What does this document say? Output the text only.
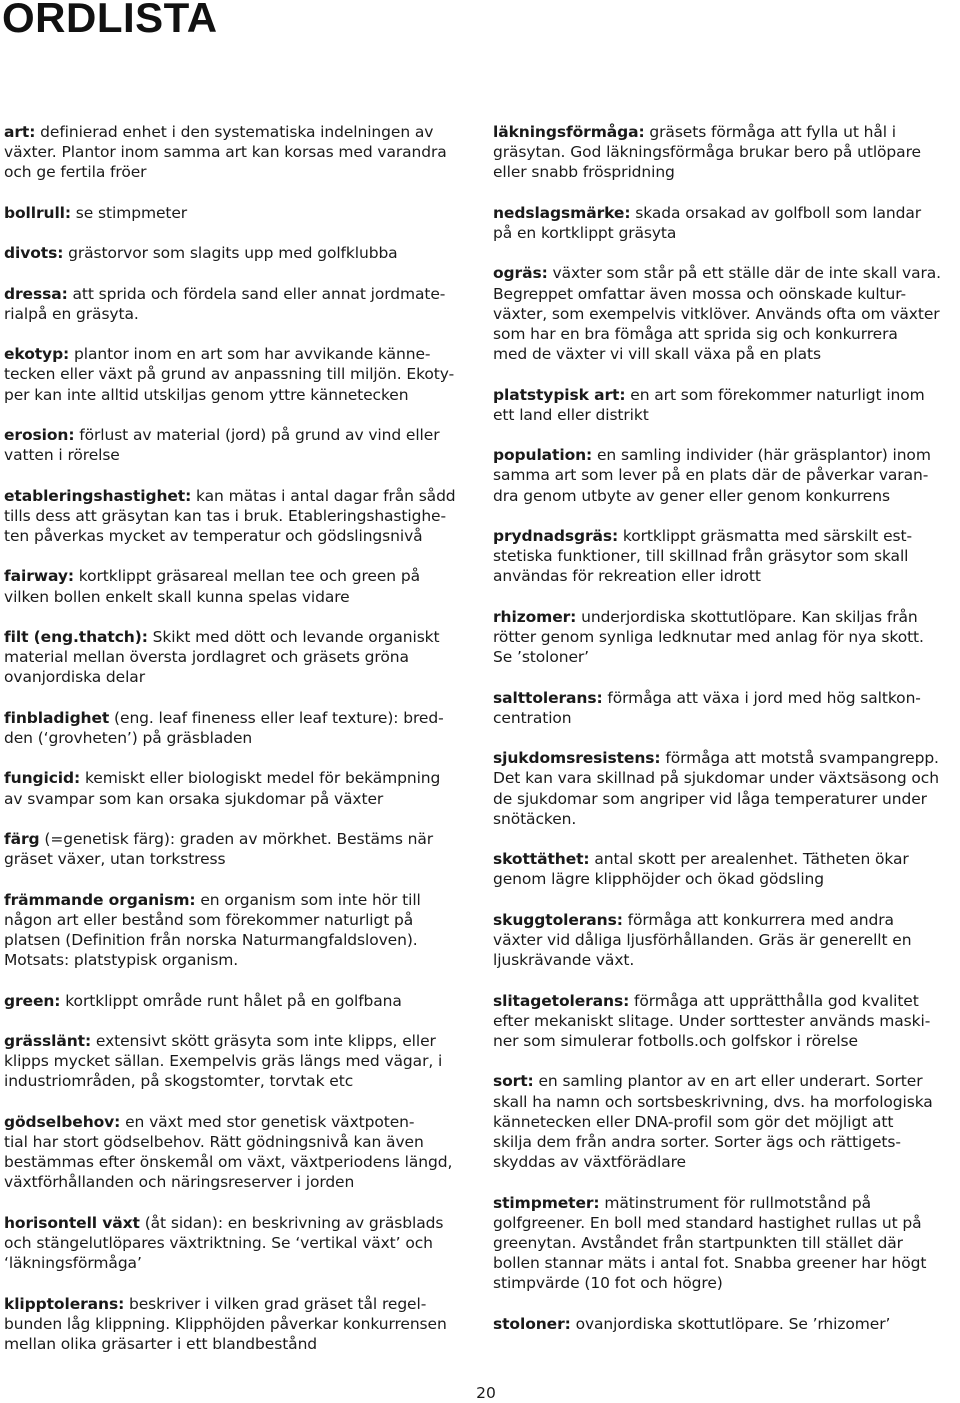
ORDLISTA

art: definierad enhet i den systematiska indelningen av
växter. Plantor inom samma art kan korsas med varandra
och ge fertila fröer

bollrull: se stimpmeter

divots: grästorvor som slagits upp med golfklubba

dressa: att sprida och fördela sand eller annat jordmate-
rialpå en gräsyta.

ekotyp: plantor inom en art som har avvikande känne-
tecken eller växt på grund av anpassning till miljön. Ekoty-
per kan inte alltid utskiljas genom yttre kännetecken

erosion: förlust av material (jord) på grund av vind eller
vatten i rörelse

etableringshastighet: kan mätas i antal dagar från sådd
tills dess att gräsytan kan tas i bruk. Etableringshastighe-
ten påverkas mycket av temperatur och gödslingsnivå

fairway: kortklippt gräsareal mellan tee och green på
vilken bollen enkelt skall kunna spelas vidare

filt (eng.thatch): Skikt med dött och levande organiskt
material mellan översta jordlagret och gräsets gröna
ovanjordiska delar

finbladighet (eng. leaf fineness eller leaf texture): bred-
den (‘grovheten’) på gräsbladen

fungicid: kemiskt eller biologiskt medel för bekämpning
av svampar som kan orsaka sjukdomar på växter

färg (=genetisk färg): graden av mörkhet. Bestäms när
gräset växer, utan torkstress

främmande organism: en organism som inte hör till
någon art eller bestånd som förekommer naturligt på
platsen (Definition från norska Naturmangfaldsloven).
Motsats: platstypisk organism.

green: kortklippt område runt hålet på en golfbana

grässlänt: extensivt skött gräsyta som inte klipps, eller
klipps mycket sällan. Exempelvis gräs längs med vägar, i
industriområden, på skogstomter, torvtak etc

gödselbehov: en växt med stor genetisk växtpoten-
tial har stort gödselbehov. Rätt gödningsnivå kan även
bestämmas efter önskemål om växt, växtperiodens längd,
växtförhållanden och näringsreserver i jorden

horisontell växt (åt sidan): en beskrivning av gräsblads
och stängelutlöpares växtriktning. Se ‘vertikal växt’ och
‘läkningsförmåga’

klipptolerans: beskriver i vilken grad gräset tål regel-
bunden låg klippning. Klipphöjden påverkar konkurrensen
mellan olika gräsarter i ett blandbestånd

läkningsförmåga: gräsets förmåga att fylla ut hål i
gräsytan. God läkningsförmåga brukar bero på utlöpare
eller snabb fröspridning

nedslagsmärke: skada orsakad av golfboll som landar
på en kortklippt gräsyta

ogräs: växter som står på ett ställe där de inte skall vara.
Begreppet omfattar även mossa och oönskade kultur-
växter, som exempelvis vitklöver. Används ofta om växter
som har en bra fömåga att sprida sig och konkurrera
med de växter vi vill skall växa på en plats

platstypisk art: en art som förekommer naturligt inom
ett land eller distrikt

population: en samling individer (här gräsplantor) inom
samma art som lever på en plats där de påverkar varan-
dra genom utbyte av gener eller genom konkurrens

prydnadsgräs: kortklippt gräsmatta med särskilt est-
stetiska funktioner, till skillnad från gräsytor som skall
användas för rekreation eller idrott

rhizomer: underjordiska skottutlöpare. Kan skiljas från
rötter genom synliga ledknutar med anlag för nya skott.
Se ’stoloner’

salttolerans: förmåga att växa i jord med hög saltkon-
centration

sjukdomsresistens: förmåga att motstå svampangrepp.
Det kan vara skillnad på sjukdomar under växtsäsong och
de sjukdomar som angriper vid låga temperaturer under
snötäcken.

skottäthet: antal skott per arealenhet. Tätheten ökar
genom lägre klipphöjder och ökad gödsling

skuggtolerans: förmåga att konkurrera med andra
växter vid dåliga ljusförhållanden. Gräs är generellt en
ljuskrävande växt.

slitagetolerans: förmåga att upprätthålla god kvalitet
efter mekaniskt slitage. Under sorttester används maski-
ner som simulerar fotbolls.och golfskor i rörelse

sort: en samling plantor av en art eller underart. Sorter
skall ha namn och sortsbeskrivning, dvs. ha morfologiska
kännetecken eller DNA-profil som gör det möjligt att
skilja dem från andra sorter. Sorter ägs och rättigets-
skyddas av växtförädlare

stimpmeter: mätinstrument för rullmotstånd på
golfgreener. En boll med standard hastighet rullas ut på
greenytan. Avståndet från startpunkten till stället där
bollen stannar mäts i antal fot. Snabba greener har högt
stimpvärde (10 fot och högre)

stoloner: ovanjordiska skottutlöpare. Se ’rhizomer’

20
